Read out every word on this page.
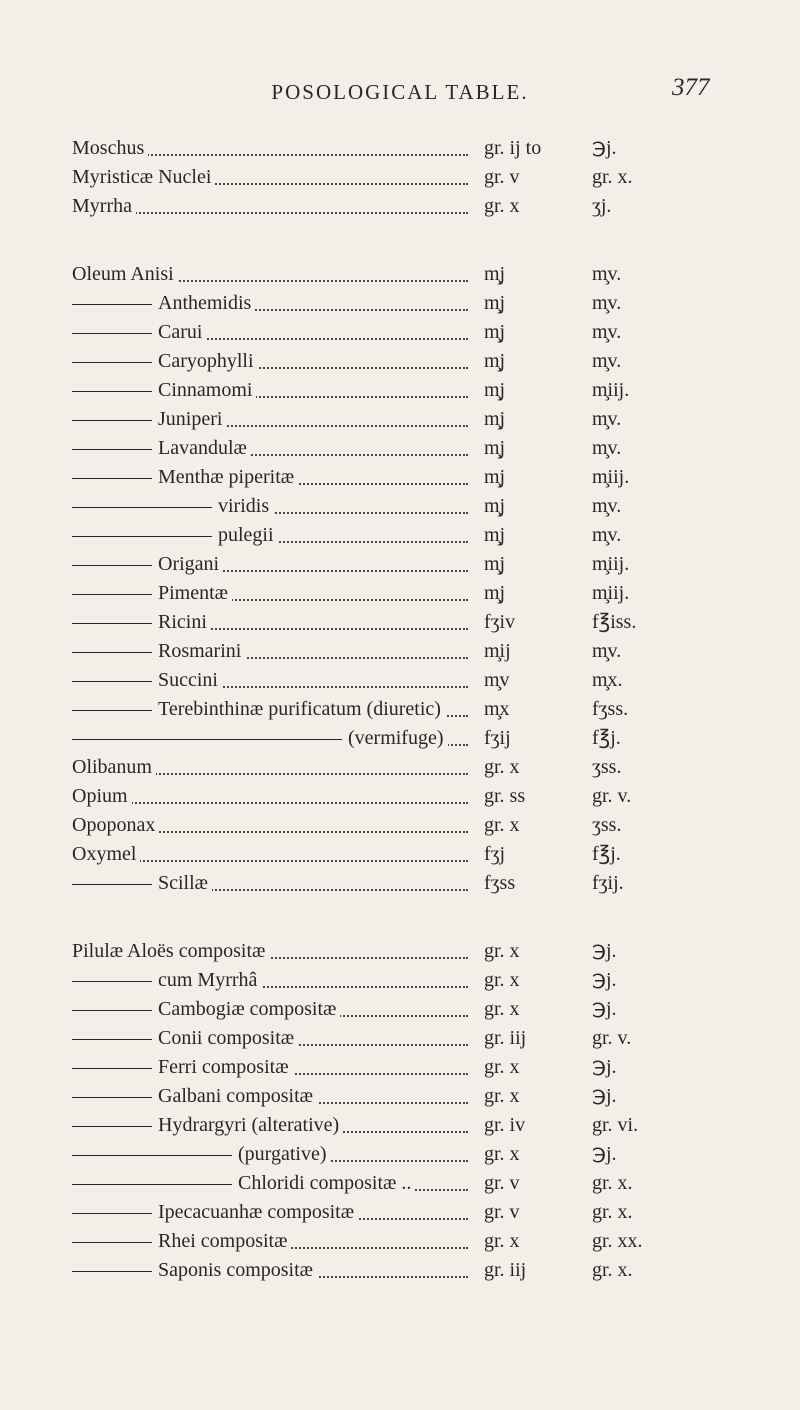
POSOLOGICAL TABLE.	377
Moschus	gr. ij to	℈j.
Myristicæ Nuclei	gr. v	gr. x.
Myrrha	gr. x	ʒj.
Oleum Anisi	m̧j	m̧v.
Anthemidis	m̧j	m̧v.
Carui	m̧j	m̧v.
Caryophylli	m̧j	m̧v.
Cinnamomi	m̧j	m̧iij.
Juniperi	m̧j	m̧v.
Lavandulæ	m̧j	m̧v.
Menthæ piperitæ	m̧j	m̧iij.
viridis	m̧j	m̧v.
pulegii	m̧j	m̧v.
Origani	m̧j	m̧iij.
Pimentæ	m̧j	m̧iij.
Ricini	fʒiv	f℥iss.
Rosmarini	m̧ij	m̧v.
Succini	m̧v	m̧x.
Terebinthinæ purificatum (diuretic)	m̧x	fʒss.
(vermifuge)	fʒij	f℥j.
Olibanum	gr. x	ʒss.
Opium	gr. ss	gr. v.
Opoponax	gr. x	ʒss.
Oxymel	fʒj	f℥j.
Scillæ	fʒss	fʒij.
Pilulæ Aloës compositæ	gr. x	℈j.
cum Myrrhâ	gr. x	℈j.
Cambogiæ compositæ	gr. x	℈j.
Conii compositæ	gr. iij	gr. v.
Ferri compositæ	gr. x	℈j.
Galbani compositæ	gr. x	℈j.
Hydrargyri (alterative)	gr. iv	gr. vi.
(purgative)	gr. x	℈j.
Chloridi compositæ ..	gr. v	gr. x.
Ipecacuanhæ compositæ	gr. v	gr. x.
Rhei compositæ	gr. x	gr. xx.
Saponis compositæ	gr. iij	gr. x.
